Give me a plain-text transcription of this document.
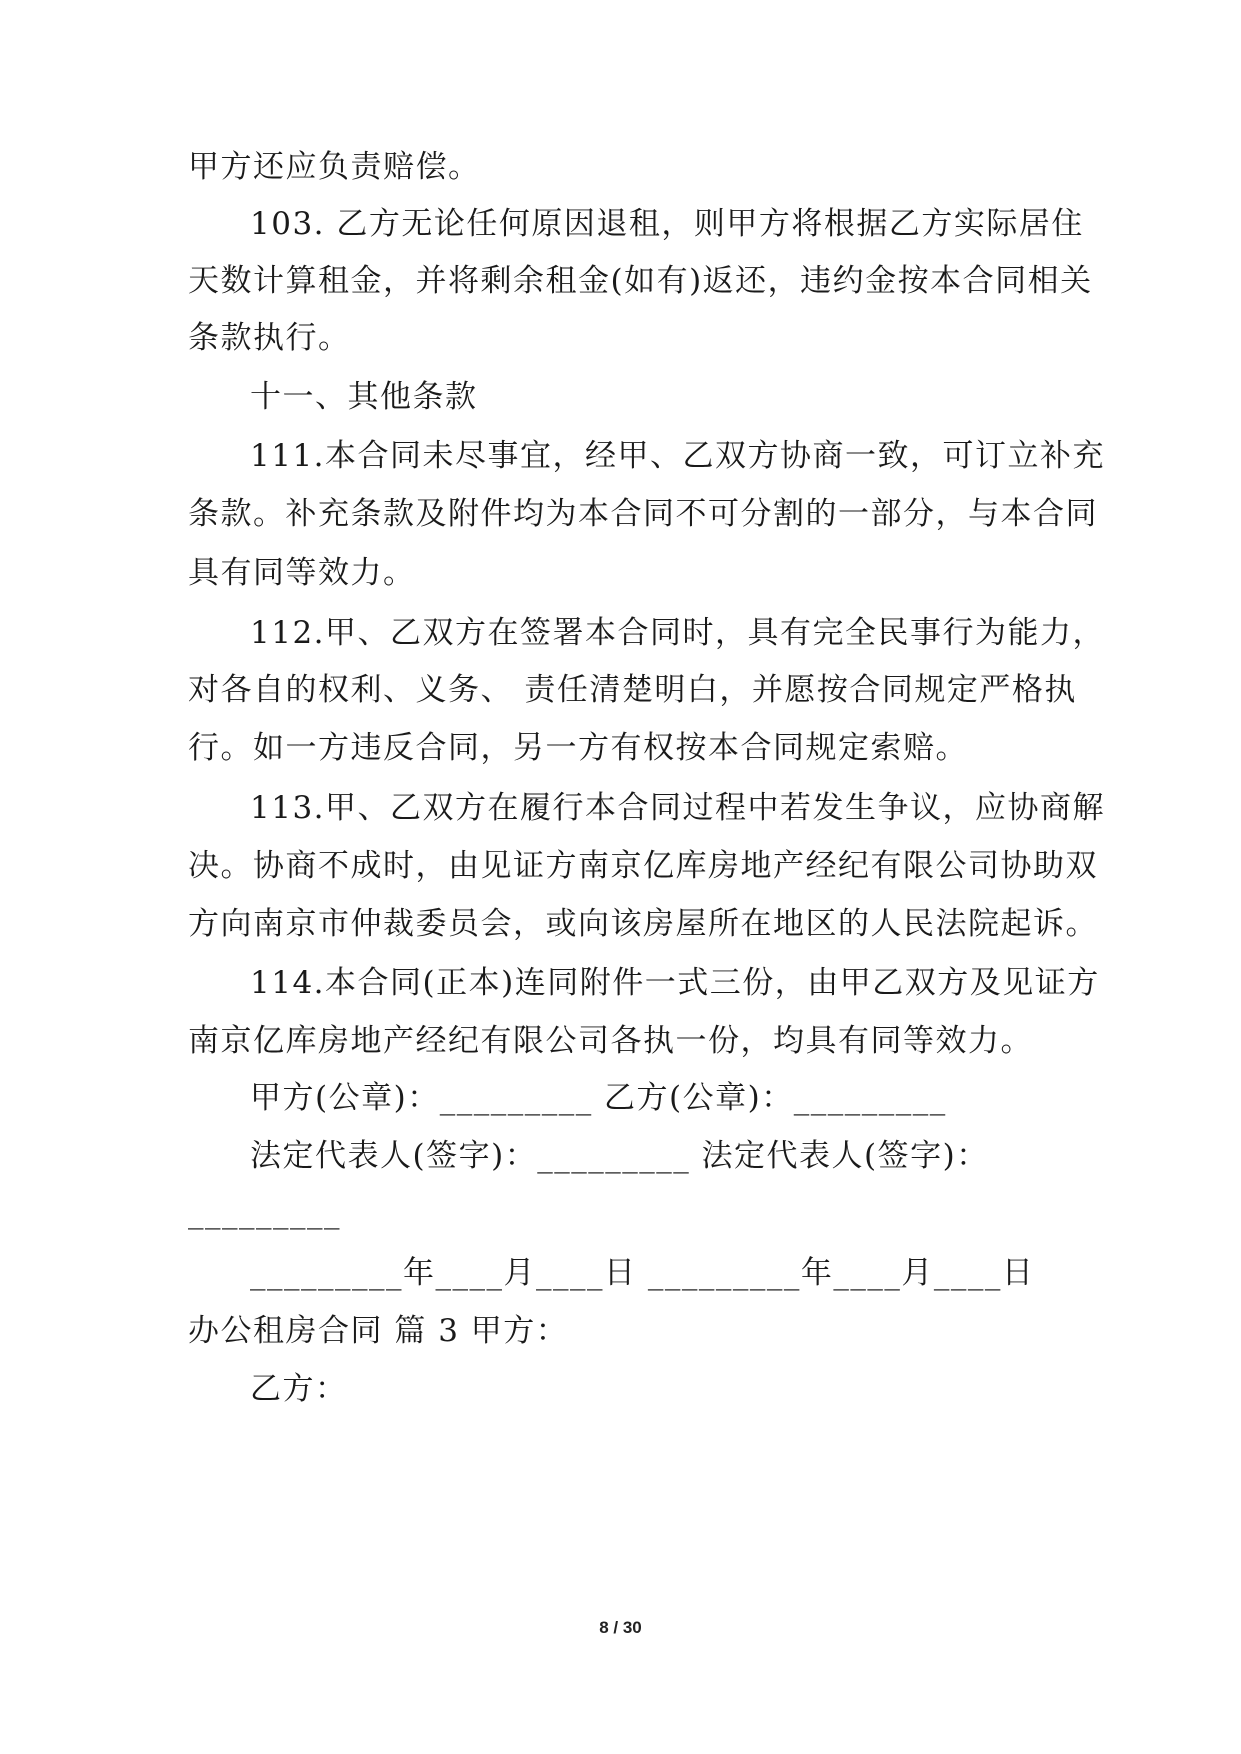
甲方还应负责赔偿。
103. 乙方无论任何原因退租，则甲方将根据乙方实际居住
天数计算租金，并将剩余租金(如有)返还，违约金按本合同相关
条款执行。
十一、其他条款
111.本合同未尽事宜，经甲、乙双方协商一致，可订立补充
条款。补充条款及附件均为本合同不可分割的一部分，与本合同
具有同等效力。
112.甲、乙双方在签署本合同时，具有完全民事行为能力，
对各自的权利、义务、 责任清楚明白，并愿按合同规定严格执
行。如一方违反合同，另一方有权按本合同规定索赔。
113.甲、乙双方在履行本合同过程中若发生争议，应协商解
决。协商不成时，由见证方南京亿库房地产经纪有限公司协助双
方向南京市仲裁委员会，或向该房屋所在地区的人民法院起诉。
114.本合同(正本)连同附件一式三份，由甲乙双方及见证方
南京亿库房地产经纪有限公司各执一份，均具有同等效力。
甲方(公章)：_________ 乙方(公章)：_________
法定代表人(签字)：_________ 法定代表人(签字)：
_________
_________年____月____日 _________年____月____日
办公租房合同 篇 3 甲方：
乙方：
8 / 30
